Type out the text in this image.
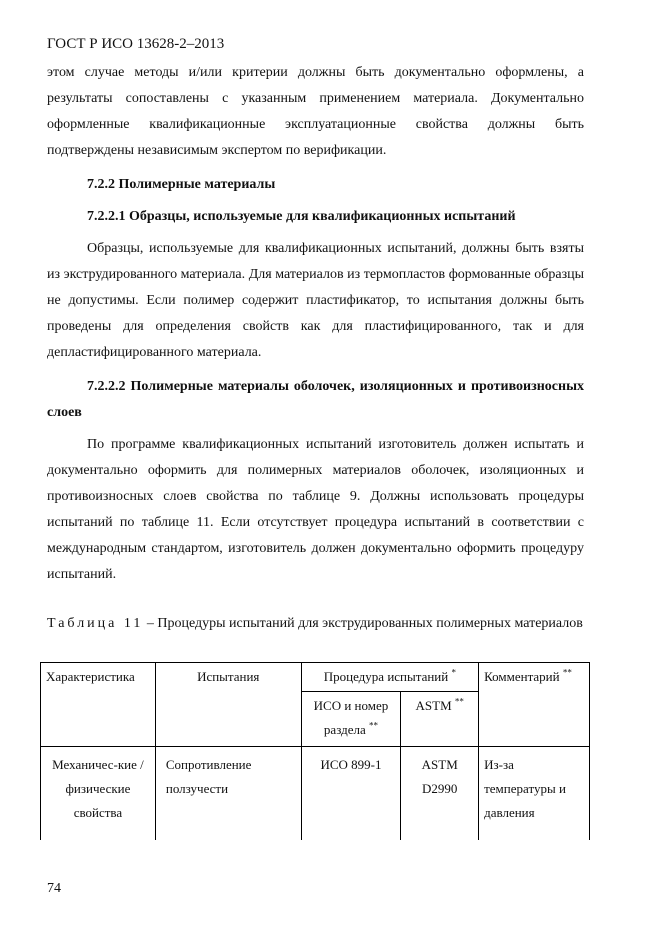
ГОСТ Р ИСО 13628-2–2013

этом случае методы и/или критерии должны быть документально оформлены, а результаты сопоставлены с указанным применением материала. Документально оформленные квалификационные эксплуатационные свойства должны быть подтверждены независимым экспертом по верификации.

7.2.2 Полимерные материалы

7.2.2.1 Образцы, используемые для квалификационных испытаний

Образцы, используемые для квалификационных испытаний, должны быть взяты из экструдированного материала. Для материалов из термопластов формованные образцы не допустимы. Если полимер содержит пластификатор, то испытания должны быть проведены для определения свойств как для пластифицированного, так и для депластифицированного материала.

7.2.2.2 Полимерные материалы оболочек, изоляционных и противоизносных слоев

По программе квалификационных испытаний изготовитель должен испытать и документально оформить для полимерных материалов оболочек, изоляционных и противоизносных слоев свойства по таблице 9. Должны использовать процедуры испытаний по таблице 11. Если отсутствует процедура испытаний в соответствии с международным стандартом, изготовитель должен документально оформить процедуру испытаний.

Таблица 11 – Процедуры испытаний для экструдированных полимерных материалов
Характеристика	Испытания	Процедура испытаний *		Комментарий **
		ИСО и номер раздела **	ASTM **
Механичес-кие /физические свойства	Сопротивление ползучести	ИСО 899-1	ASTM D2990	Из-за температуры и давления
74
